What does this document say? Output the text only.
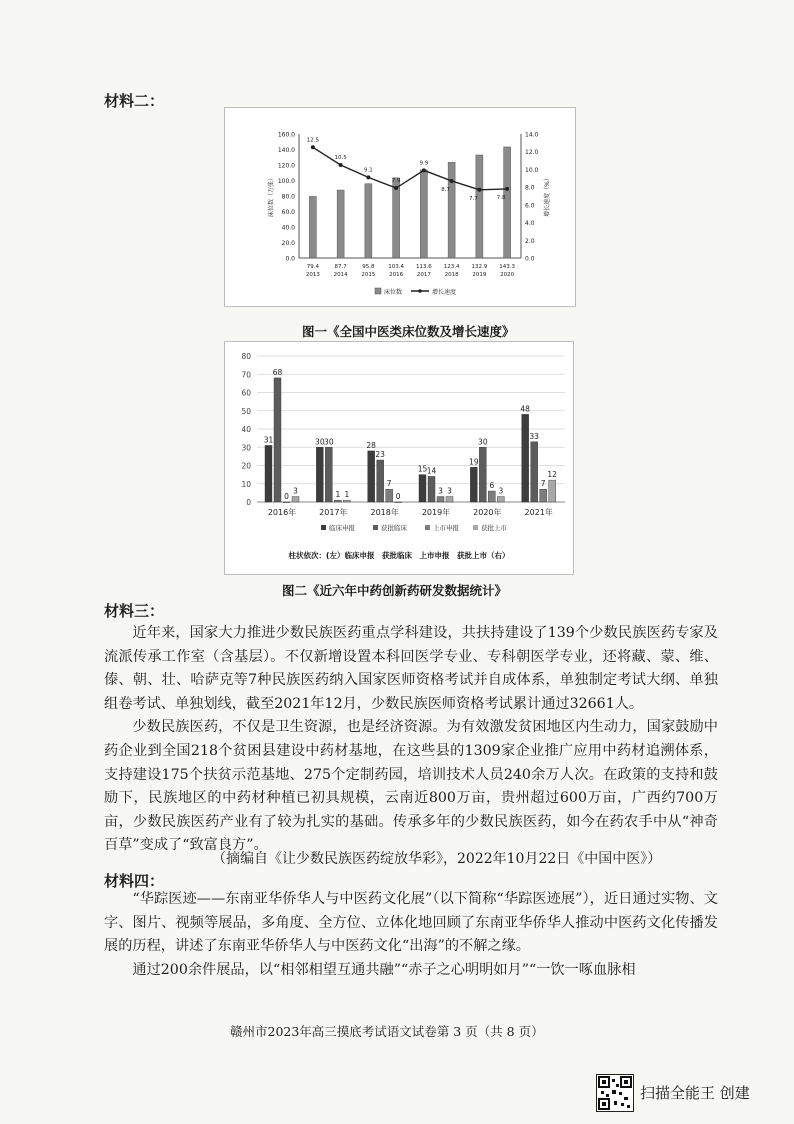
材料二：
0.0
20.0
40.0
60.0
80.0
100.0
120.0
140.0
160.0
0.0
2.0
4.0
6.0
8.0
10.0
12.0
14.0
床位数（万张）	增长速度（%）
79.4
2013
87.7
2014
95.8
2015
103.4
2016
113.6
2017
123.4
2018
132.9
2019
143.3
2020
12.5
10.5
9.1
7.9
9.9
8.7
7.7	7.8
床位数	增长速度
图一《全国中医类床位数及增长速度》
0
10
20
30
40
50
60
70
80
31
68
0
3
2016年
30 30
1 1
2017年
28
23
7
0
2018年
15 14
3 3
2019年
19
30
6
3
2020年
48
33
7
12
2021年
临床申报	获批临床	上市申报	获批上市
柱状依次：(左）临床申报　获批临床　上市申报　获批上市（右）
图二《近六年中药创新药研发数据统计》
材料三：

近年来，国家大力推进少数民族医药重点学科建设，共扶持建设了139个少数民族医药专家及流派传承工作室（含基层）。不仅新增设置本科回医学专业、专科朝医学专业，还将藏、蒙、维、傣、朝、壮、哈萨克等7种民族医药纳入国家医师资格考试并自成体系，单独制定考试大纲、单独组卷考试、单独划线，截至2021年12月，少数民族医师资格考试累计通过32661人。

少数民族医药，不仅是卫生资源，也是经济资源。为有效激发贫困地区内生动力，国家鼓励中药企业到全国218个贫困县建设中药材基地，在这些县的1309家企业推广应用中药材追溯体系，支持建设175个扶贫示范基地、275个定制药园，培训技术人员240余万人次。在政策的支持和鼓励下，民族地区的中药材种植已初具规模，云南近800万亩，贵州超过600万亩，广西约700万亩，少数民族医药产业有了较为扎实的基础。传承多年的少数民族医药，如今在药农手中从“神奇百草”变成了“致富良方”。

（摘编自《让少数民族医药绽放华彩》，2022年10月22日《中国中医》）
材料四：

“华踪医迹——东南亚华侨华人与中医药文化展”（以下简称“华踪医迹展”），近日通过实物、文字、图片、视频等展品，多角度、全方位、立体化地回顾了东南亚华侨华人推动中医药文化传播发展的历程，讲述了东南亚华侨华人与中医药文化“出海”的不解之缘。

通过200余件展品，以“相邻相望互通共融”“赤子之心明明如月”“一饮一啄血脉相

赣州市2023年高三摸底考试语文试卷第 3 页（共 8 页）
扫描全能王 创建
